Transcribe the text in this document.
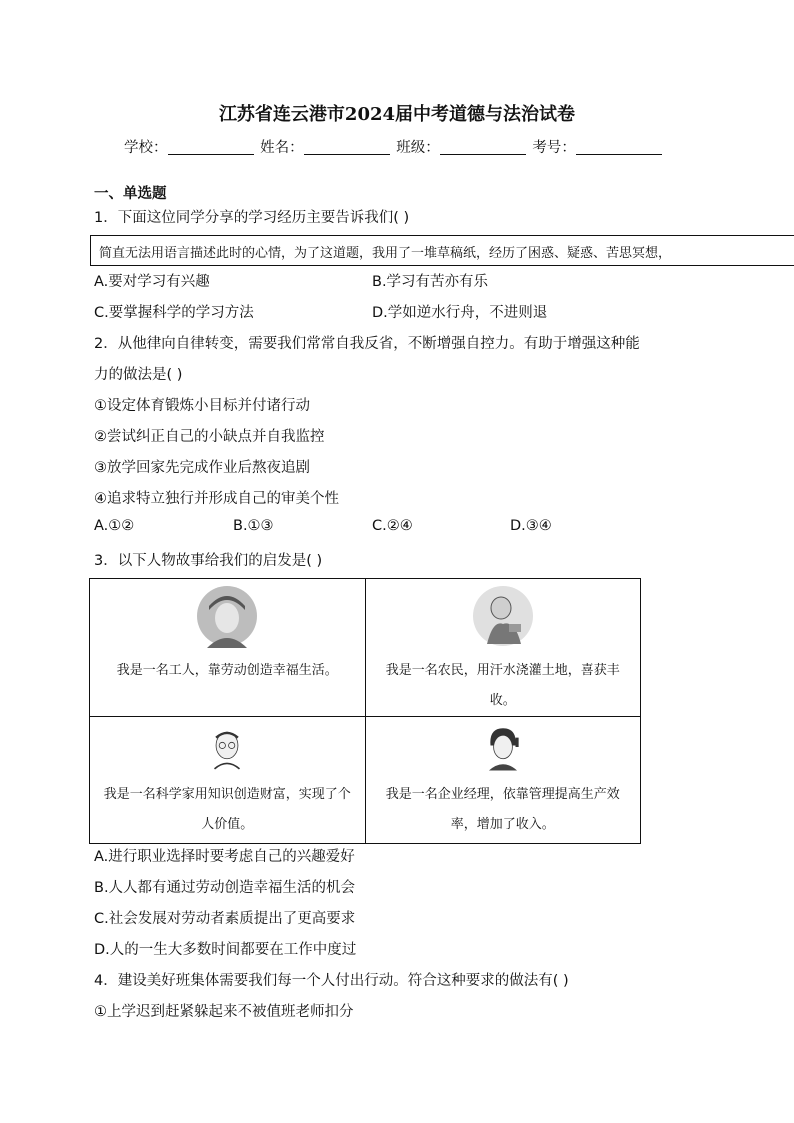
江苏省连云港市2024届中考道德与法治试卷
学校：	姓名：	班级：	考号：
一、单选题
1．下面这位同学分享的学习经历主要告诉我们( )
简直无法用语言描述此时的心情，为了这道题，我用了一堆草稿纸，经历了困惑、疑惑、苦思冥想，
A.要对学习有兴趣	B.学习有苦亦有乐
C.要掌握科学的学习方法	D.学如逆水行舟，不进则退
2．从他律向自律转变，需要我们常常自我反省，不断增强自控力。有助于增强这种能
力的做法是( )
①设定体育锻炼小目标并付诸行动
②尝试纠正自己的小缺点并自我监控
③放学回家先完成作业后熬夜追剧
④追求特立独行并形成自己的审美个性
A.①②	B.①③	C.②④	D.③④
3．以下人物故事给我们的启发是( )
我是一名工人，靠劳动创造幸福生活。	我是一名农民，用汗水浇灌土地，喜获丰收。

我是一名科学家用知识创造财富，实现了个人价值。	我是一名企业经理，依靠管理提高生产效率，增加了收入。
A.进行职业选择时要考虑自己的兴趣爱好
B.人人都有通过劳动创造幸福生活的机会
C.社会发展对劳动者素质提出了更高要求
D.人的一生大多数时间都要在工作中度过
4．建设美好班集体需要我们每一个人付出行动。符合这种要求的做法有( )
①上学迟到赶紧躲起来不被值班老师扣分
